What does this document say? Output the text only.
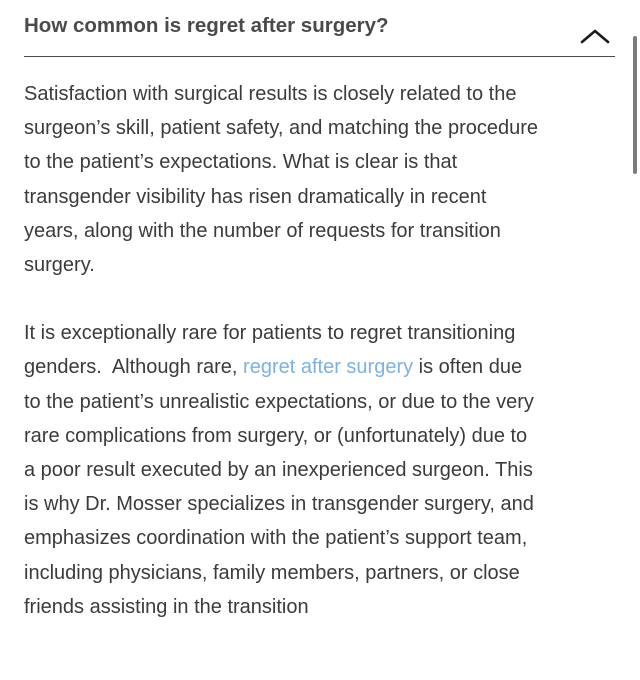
How common is regret after surgery?

Satisfaction with surgical results is closely related to the
surgeon’s skill, patient safety, and matching the procedure
to the patient’s expectations. What is clear is that
transgender visibility has risen dramatically in recent
years, along with the number of requests for transition
surgery.

It is exceptionally rare for patients to regret transitioning
genders.  Although rare, regret after surgery is often due
to the patient’s unrealistic expectations, or due to the very
rare complications from surgery, or (unfortunately) due to
a poor result executed by an inexperienced surgeon. This
is why Dr. Mosser specializes in transgender surgery, and
emphasizes coordination with the patient’s support team,
including physicians, family members, partners, or close
friends assisting in the transition
